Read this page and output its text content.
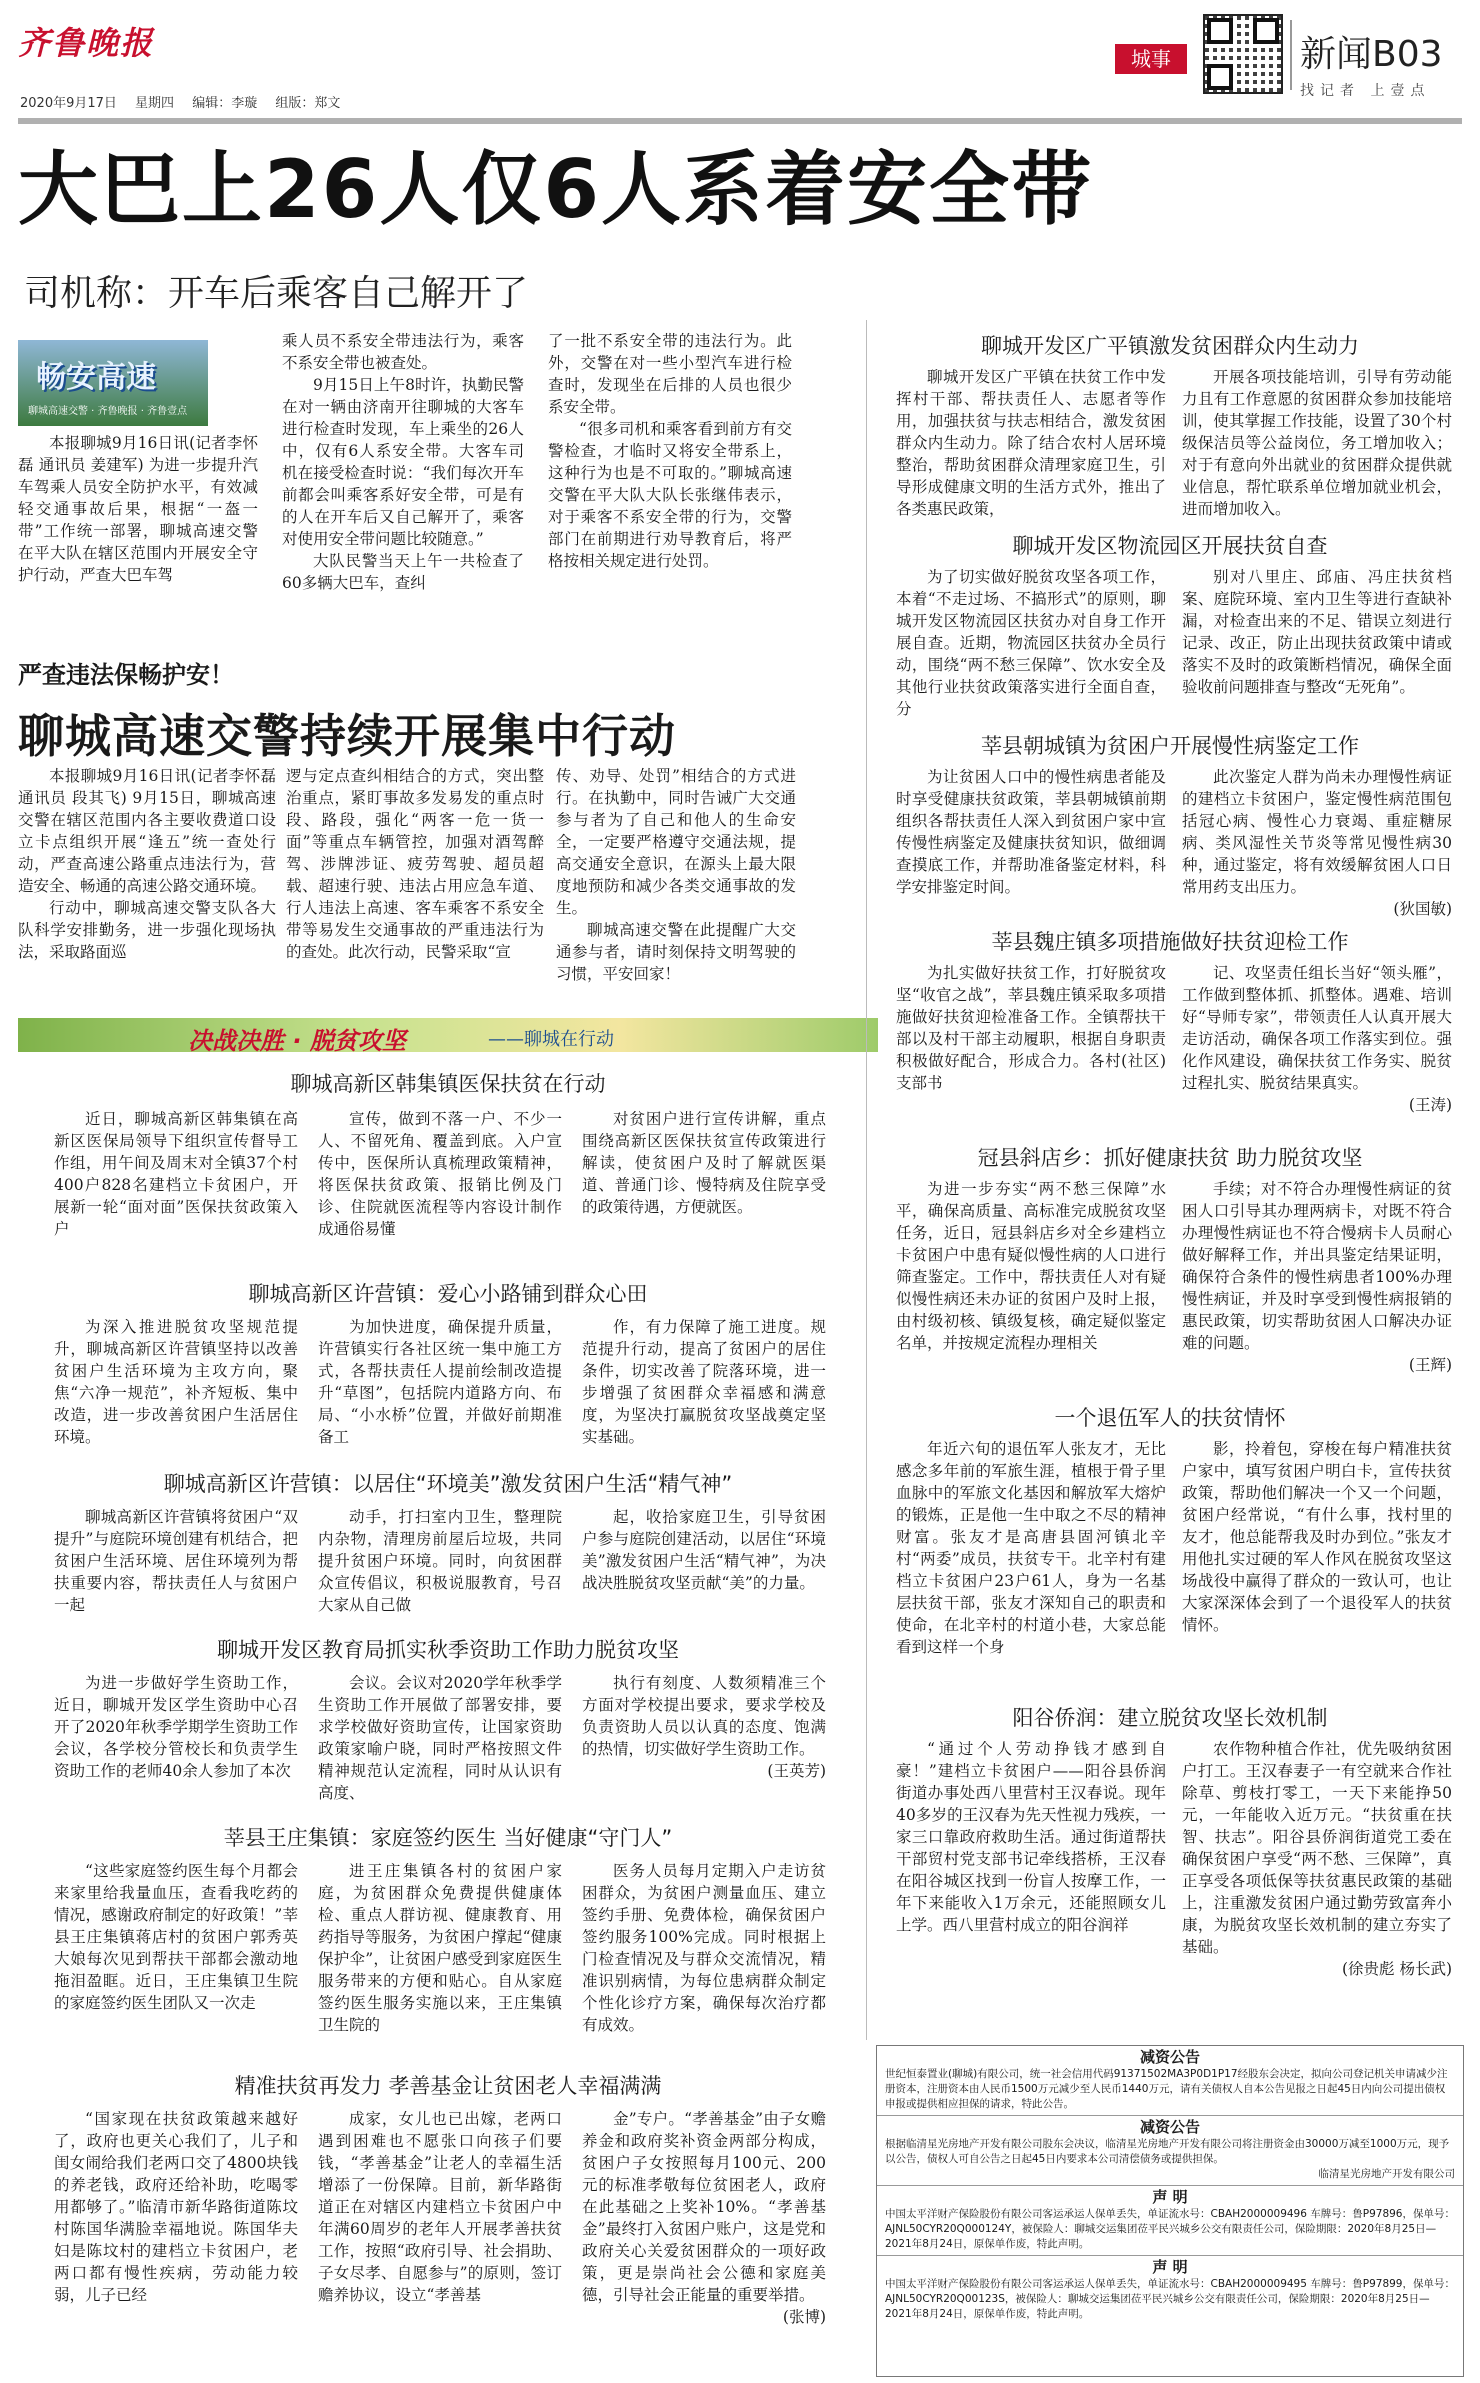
齐鲁晚报
2020年9月17日 星期四 编辑：李璇 组版：郑文
城事	新闻B03
找记者 上壹点
大巴上26人仅6人系着安全带
司机称：开车后乘客自己解开了
畅安高速
聊城高速交警 · 齐鲁晚报 · 齐鲁壹点

本报聊城9月16日讯(记者李怀磊 通讯员 姜建军) 为进一步提升汽车驾乘人员安全防护水平，有效减轻交通事故后果，根据“一盔一带”工作统一部署，聊城高速交警在平大队在辖区范围内开展安全守护行动，严查大巴车驾

乘人员不系安全带违法行为，乘客不系安全带也被查处。

9月15日上午8时许，执勤民警在对一辆由济南开往聊城的大客车进行检查时发现，车上乘坐的26人中，仅有6人系安全带。大客车司机在接受检查时说：“我们每次开车前都会叫乘客系好安全带，可是有的人在开车后又自己解开了，乘客对使用安全带问题比较随意。”

大队民警当天上午一共检查了60多辆大巴车，查纠

了一批不系安全带的违法行为。此外，交警在对一些小型汽车进行检查时，发现坐在后排的人员也很少系安全带。

“很多司机和乘客看到前方有交警检查，才临时又将安全带系上，这种行为也是不可取的。”聊城高速交警在平大队大队长张继伟表示，对于乘客不系安全带的行为，交警部门在前期进行劝导教育后，将严格按相关规定进行处罚。

严查违法保畅护安！
聊城高速交警持续开展集中行动

本报聊城9月16日讯(记者李怀磊 通讯员 段其飞) 9月15日，聊城高速交警在辖区范围内各主要收费道口设立卡点组织开展“逢五”统一查处行动，严查高速公路重点违法行为，营造安全、畅通的高速公路交通环境。

行动中，聊城高速交警支队各大队科学安排勤务，进一步强化现场执法，采取路面巡

逻与定点查纠相结合的方式，突出整治重点，紧盯事故多发易发的重点时段、路段，强化“两客一危一货一面”等重点车辆管控，加强对酒驾醉驾、涉牌涉证、疲劳驾驶、超员超载、超速行驶、违法占用应急车道、行人违法上高速、客车乘客不系安全带等易发生交通事故的严重违法行为的查处。此次行动，民警采取“宣

传、劝导、处罚”相结合的方式进行。在执勤中，同时告诫广大交通参与者为了自己和他人的生命安全，一定要严格遵守交通法规，提高交通安全意识，在源头上最大限度地预防和减少各类交通事故的发生。

聊城高速交警在此提醒广大交通参与者，请时刻保持文明驾驶的习惯，平安回家！

决战决胜 · 脱贫攻坚	——聊城在行动
聊城高新区韩集镇医保扶贫在行动

近日，聊城高新区韩集镇在高新区医保局领导下组织宣传督导工作组，用午间及周末对全镇37个村400户828名建档立卡贫困户，开展新一轮“面对面”医保扶贫政策入户

宣传，做到不落一户、不少一人、不留死角、覆盖到底。入户宣传中，医保所认真梳理政策精神，将医保扶贫政策、报销比例及门诊、住院就医流程等内容设计制作成通俗易懂

对贫困户进行宣传讲解，重点围绕高新区医保扶贫宣传政策进行解读，使贫困户及时了解就医渠道、普通门诊、慢特病及住院享受的政策待遇，方便就医。

聊城高新区许营镇：爱心小路铺到群众心田

为深入推进脱贫攻坚规范提升，聊城高新区许营镇坚持以改善贫困户生活环境为主攻方向，聚焦“六净一规范”，补齐短板、集中改造，进一步改善贫困户生活居住环境。

为加快进度，确保提升质量，许营镇实行各社区统一集中施工方式，各帮扶责任人提前绘制改造提升“草图”，包括院内道路方向、布局、“小水桥”位置，并做好前期准备工

作，有力保障了施工进度。规范提升行动，提高了贫困户的居住条件，切实改善了院落环境，进一步增强了贫困群众幸福感和满意度，为坚决打赢脱贫攻坚战奠定坚实基础。

聊城高新区许营镇：以居住“环境美”激发贫困户生活“精气神”

聊城高新区许营镇将贫困户“双提升”与庭院环境创建有机结合，把贫困户生活环境、居住环境列为帮扶重要内容，帮扶责任人与贫困户一起

动手，打扫室内卫生，整理院内杂物，清理房前屋后垃圾，共同提升贫困户环境。同时，向贫困群众宣传倡议，积极说服教育，号召大家从自己做

起，收拾家庭卫生，引导贫困户参与庭院创建活动，以居住“环境美”激发贫困户生活“精气神”，为决战决胜脱贫攻坚贡献“美”的力量。

聊城开发区教育局抓实秋季资助工作助力脱贫攻坚

为进一步做好学生资助工作，近日，聊城开发区学生资助中心召开了2020年秋季学期学生资助工作会议，各学校分管校长和负责学生资助工作的老师40余人参加了本次

会议。会议对2020学年秋季学生资助工作开展做了部署安排，要求学校做好资助宣传，让国家资助政策家喻户晓，同时严格按照文件精神规范认定流程，同时从认识有高度、

执行有刻度、人数须精准三个方面对学校提出要求，要求学校及负责资助人员以认真的态度、饱满的热情，切实做好学生资助工作。

(王英芳)
莘县王庄集镇：家庭签约医生 当好健康“守门人”

“这些家庭签约医生每个月都会来家里给我量血压，查看我吃药的情况，感谢政府制定的好政策！”莘县王庄集镇蒋店村的贫困户郭秀英大娘每次见到帮扶干部都会激动地拖泪盈眶。近日，王庄集镇卫生院的家庭签约医生团队又一次走

进王庄集镇各村的贫困户家庭，为贫困群众免费提供健康体检、重点人群访视、健康教育、用药指导等服务，为贫困户撑起“健康保护伞”，让贫困户感受到家庭医生服务带来的方便和贴心。自从家庭签约医生服务实施以来，王庄集镇卫生院的

医务人员每月定期入户走访贫困群众，为贫困户测量血压、建立签约手册、免费体检，确保贫困户签约服务100%完成。同时根据上门检查情况及与群众交流情况，精准识别病情，为每位患病群众制定个性化诊疗方案，确保每次治疗都有成效。

精准扶贫再发力 孝善基金让贫困老人幸福满满

“国家现在扶贫政策越来越好了，政府也更关心我们了，儿子和闺女闹给我们老两口交了4800块钱的养老钱，政府还给补助，吃喝零用都够了。”临清市新华路街道陈坟村陈国华满脸幸福地说。陈国华夫妇是陈坟村的建档立卡贫困户，老两口都有慢性疾病，劳动能力较弱，儿子已经

成家，女儿也已出嫁，老两口遇到困难也不愿张口向孩子们要钱，“孝善基金”让老人的幸福生活增添了一份保障。目前，新华路街道正在对辖区内建档立卡贫困户中年满60周岁的老年人开展孝善扶贫工作，按照“政府引导、社会捐助、子女尽孝、自愿参与”的原则，签订赡养协议，设立“孝善基

金”专户。“孝善基金”由子女赡养金和政府奖补资金两部分构成，贫困户子女按照每月100元、200元的标准孝敬每位贫困老人，政府在此基础之上奖补10%。“孝善基金”最终打入贫困户账户，这是党和政府关心关爱贫困群众的一项好政策，更是崇尚社会公德和家庭美德，引导社会正能量的重要举措。

(张博)
聊城开发区广平镇激发贫困群众内生动力

聊城开发区广平镇在扶贫工作中发挥村干部、帮扶责任人、志愿者等作用，加强扶贫与扶志相结合，激发贫困群众内生动力。除了结合农村人居环境整治，帮助贫困群众清理家庭卫生，引导形成健康文明的生活方式外，推出了各类惠民政策，

开展各项技能培训，引导有劳动能力且有工作意愿的贫困群众参加技能培训，使其掌握工作技能，设置了30个村级保洁员等公益岗位，务工增加收入；对于有意向外出就业的贫困群众提供就业信息，帮忙联系单位增加就业机会，进而增加收入。

聊城开发区物流园区开展扶贫自查

为了切实做好脱贫攻坚各项工作，本着“不走过场、不搞形式”的原则，聊城开发区物流园区扶贫办对自身工作开展自查。近期，物流园区扶贫办全员行动，围绕“两不愁三保障”、饮水安全及其他行业扶贫政策落实进行全面自查，分

别对八里庄、邱庙、冯庄扶贫档案、庭院环境、室内卫生等进行查缺补漏，对检查出来的不足、错误立刻进行记录、改正，防止出现扶贫政策中请或落实不及时的政策断档情况，确保全面验收前问题排查与整改“无死角”。

莘县朝城镇为贫困户开展慢性病鉴定工作

为让贫困人口中的慢性病患者能及时享受健康扶贫政策，莘县朝城镇前期组织各帮扶责任人深入到贫困户家中宣传慢性病鉴定及健康扶贫知识，做细调查摸底工作，并帮助准备鉴定材料，科学安排鉴定时间。

此次鉴定人群为尚未办理慢性病证的建档立卡贫困户，鉴定慢性病范围包括冠心病、慢性心力衰竭、重症糖尿病、类风湿性关节炎等常见慢性病30种，通过鉴定，将有效缓解贫困人口日常用药支出压力。

(狄国敏)
莘县魏庄镇多项措施做好扶贫迎检工作

为扎实做好扶贫工作，打好脱贫攻坚“收官之战”，莘县魏庄镇采取多项措施做好扶贫迎检准备工作。全镇帮扶干部以及村干部主动履职，根据自身职责积极做好配合，形成合力。各村(社区)支部书

记、攻坚责任组长当好“领头雁”，工作做到整体抓、抓整体。遇难、培训好“导师专家”，带领责任人认真开展大走访活动，确保各项工作落实到位。强化作风建设，确保扶贫工作务实、脱贫过程扎实、脱贫结果真实。

(王涛)
冠县斜店乡：抓好健康扶贫 助力脱贫攻坚

为进一步夯实“两不愁三保障”水平，确保高质量、高标准完成脱贫攻坚任务，近日，冠县斜店乡对全乡建档立卡贫困户中患有疑似慢性病的人口进行筛查鉴定。工作中，帮扶责任人对有疑似慢性病还未办证的贫困户及时上报，由村级初核、镇级复核，确定疑似鉴定名单，并按规定流程办理相关

手续；对不符合办理慢性病证的贫困人口引导其办理两病卡，对既不符合办理慢性病证也不符合慢病卡人员耐心做好解释工作，并出具鉴定结果证明，确保符合条件的慢性病患者100%办理慢性病证，并及时享受到慢性病报销的惠民政策，切实帮助贫困人口解决办证难的问题。

(王辉)
一个退伍军人的扶贫情怀

年近六旬的退伍军人张友才，无比感念多年前的军旅生涯，植根于骨子里血脉中的军旅文化基因和解放军大熔炉的锻炼，正是他一生中取之不尽的精神财富。张友才是高唐县固河镇北辛村“两委”成员，扶贫专干。北辛村有建档立卡贫困户23户61人，身为一名基层扶贫干部，张友才深知自己的职责和使命，在北辛村的村道小巷，大家总能看到这样一个身

影，拎着包，穿梭在每户精准扶贫户家中，填写贫困户明白卡，宣传扶贫政策，帮助他们解决一个又一个问题，贫困户经常说，“有什么事，找村里的友才，他总能帮我及时办到位。”张友才用他扎实过硬的军人作风在脱贫攻坚这场战役中赢得了群众的一致认可，也让大家深深体会到了一个退役军人的扶贫情怀。

阳谷侨润：建立脱贫攻坚长效机制

“通过个人劳动挣钱才感到自豪！”建档立卡贫困户——阳谷县侨润街道办事处西八里营村王汉春说。现年40多岁的王汉春为先天性视力残疾，一家三口靠政府救助生活。通过街道帮扶干部贸村党支部书记牵线搭桥，王汉春在阳谷城区找到一份盲人按摩工作，一年下来能收入1万余元，还能照顾女儿上学。西八里营村成立的阳谷润祥

农作物种植合作社，优先吸纳贫困户打工。王汉春妻子一有空就来合作社除草、剪枝打零工，一天下来能挣50元，一年能收入近万元。“扶贫重在扶智、扶志”。阳谷县侨润街道党工委在确保贫困户享受“两不愁、三保障”，真正享受各项低保等扶贫惠民政策的基础上，注重激发贫困户通过勤劳致富奔小康，为脱贫攻坚长效机制的建立夯实了基础。

(徐贵彪 杨长武)
减资公告

世纪恒泰置业(聊城)有限公司，统一社会信用代码91371502MA3P0D1P17经股东会决定，拟向公司登记机关申请减少注册资本，注册资本由人民币1500万元减少至人民币1440万元，请有关债权人自本公告见报之日起45日内向公司提出债权申报或提供相应担保的请求，特此公告。

减资公告

根据临清星光房地产开发有限公司股东会决议，临清星光房地产开发有限公司将注册资金由30000万减至1000万元，现予以公告，债权人可自公告之日起45日内要求本公司清偿债务或提供担保。

临清星光房地产开发有限公司

声 明

中国太平洋财产保险股份有限公司客运承运人保单丢失，单证流水号：CBAH2000009496 车牌号：鲁P97896，保单号：AJNL50CYR20Q000124Y，被保险人：聊城交运集团莅平民兴城乡公交有限责任公司，保险期限：2020年8月25日—2021年8月24日，原保单作废，特此声明。

声 明

中国太平洋财产保险股份有限公司客运承运人保单丢失，单证流水号：CBAH2000009495 车牌号：鲁P97899，保单号：AJNL50CYR20Q00123S，被保险人：聊城交运集团莅平民兴城乡公交有限责任公司，保险期限：2020年8月25日—2021年8月24日，原保单作废，特此声明。
